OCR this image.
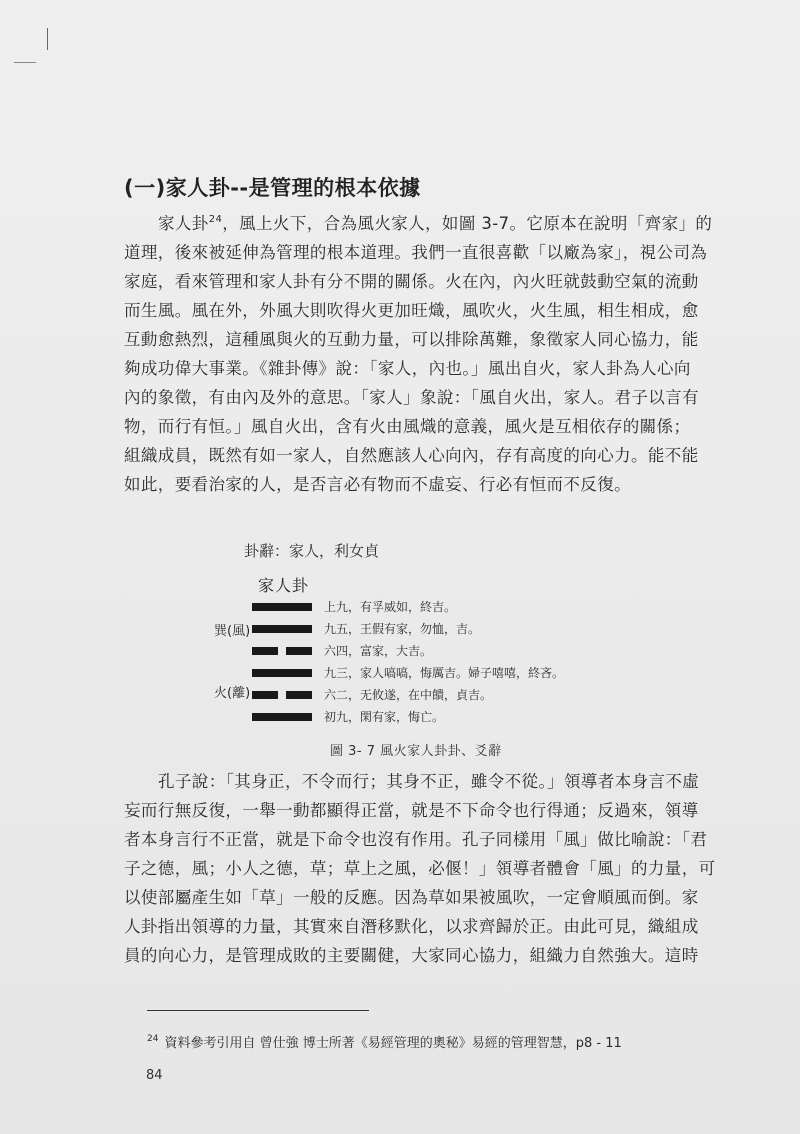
(一)家人卦--是管理的根本依據
家人卦$^{24}$，風上火下，合為風火家人，如圖 3-7。它原本在說明「齊家」的
道理，後來被延伸為管理的根本道理。我們一直很喜歡「以廠為家」，視公司為
家庭，看來管理和家人卦有分不開的關係。火在內，內火旺就鼓動空氣的流動
而生風。風在外，外風大則吹得火更加旺熾，風吹火，火生風，相生相成，愈
互動愈熱烈，這種風與火的互動力量，可以排除萬難，象徵家人同心協力，能
夠成功偉大事業。《雜卦傳》說：「家人，內也。」風出自火，家人卦為人心向
內的象徵，有由內及外的意思。「家人」象說：「風自火出，家人。君子以言有
物，而行有恒。」風自火出，含有火由風熾的意義，風火是互相依存的關係；
組織成員，既然有如一家人，自然應該人心向內，存有高度的向心力。能不能
如此，要看治家的人，是否言必有物而不虛妄、行必有恒而不反復。
卦辭：家人，利女貞
家人卦
巽(風)
火(離)
上九，有孚威如，終吉。
九五，王假有家，勿恤，吉。
六四，富家，大吉。
九三，家人嗃嗃，悔厲吉。婦子嘻嘻，終吝。
六二，无攸遂，在中饋，貞吉。
初九，閑有家，悔亡。
圖 3- 7 風火家人卦卦、爻辭
孔子說：「其身正，不令而行；其身不正，雖令不從。」領導者本身言不虛
妄而行無反復，一舉一動都顯得正當，就是不下命令也行得通；反過來，領導
者本身言行不正當，就是下命令也沒有作用。孔子同樣用「風」做比喻說：「君
子之德，風；小人之德，草；草上之風，必偃！」領導者體會「風」的力量，可
以使部屬產生如「草」一般的反應。因為草如果被風吹，一定會順風而倒。家
人卦指出領導的力量，其實來自潛移默化，以求齊歸於正。由此可見，織組成
員的向心力，是管理成敗的主要關健，大家同心協力，組織力自然強大。這時
$^{24}$ 資料參考引用自 曾仕強 博士所著《易經管理的奧秘》易經的管理智慧，p8 - 11
84
